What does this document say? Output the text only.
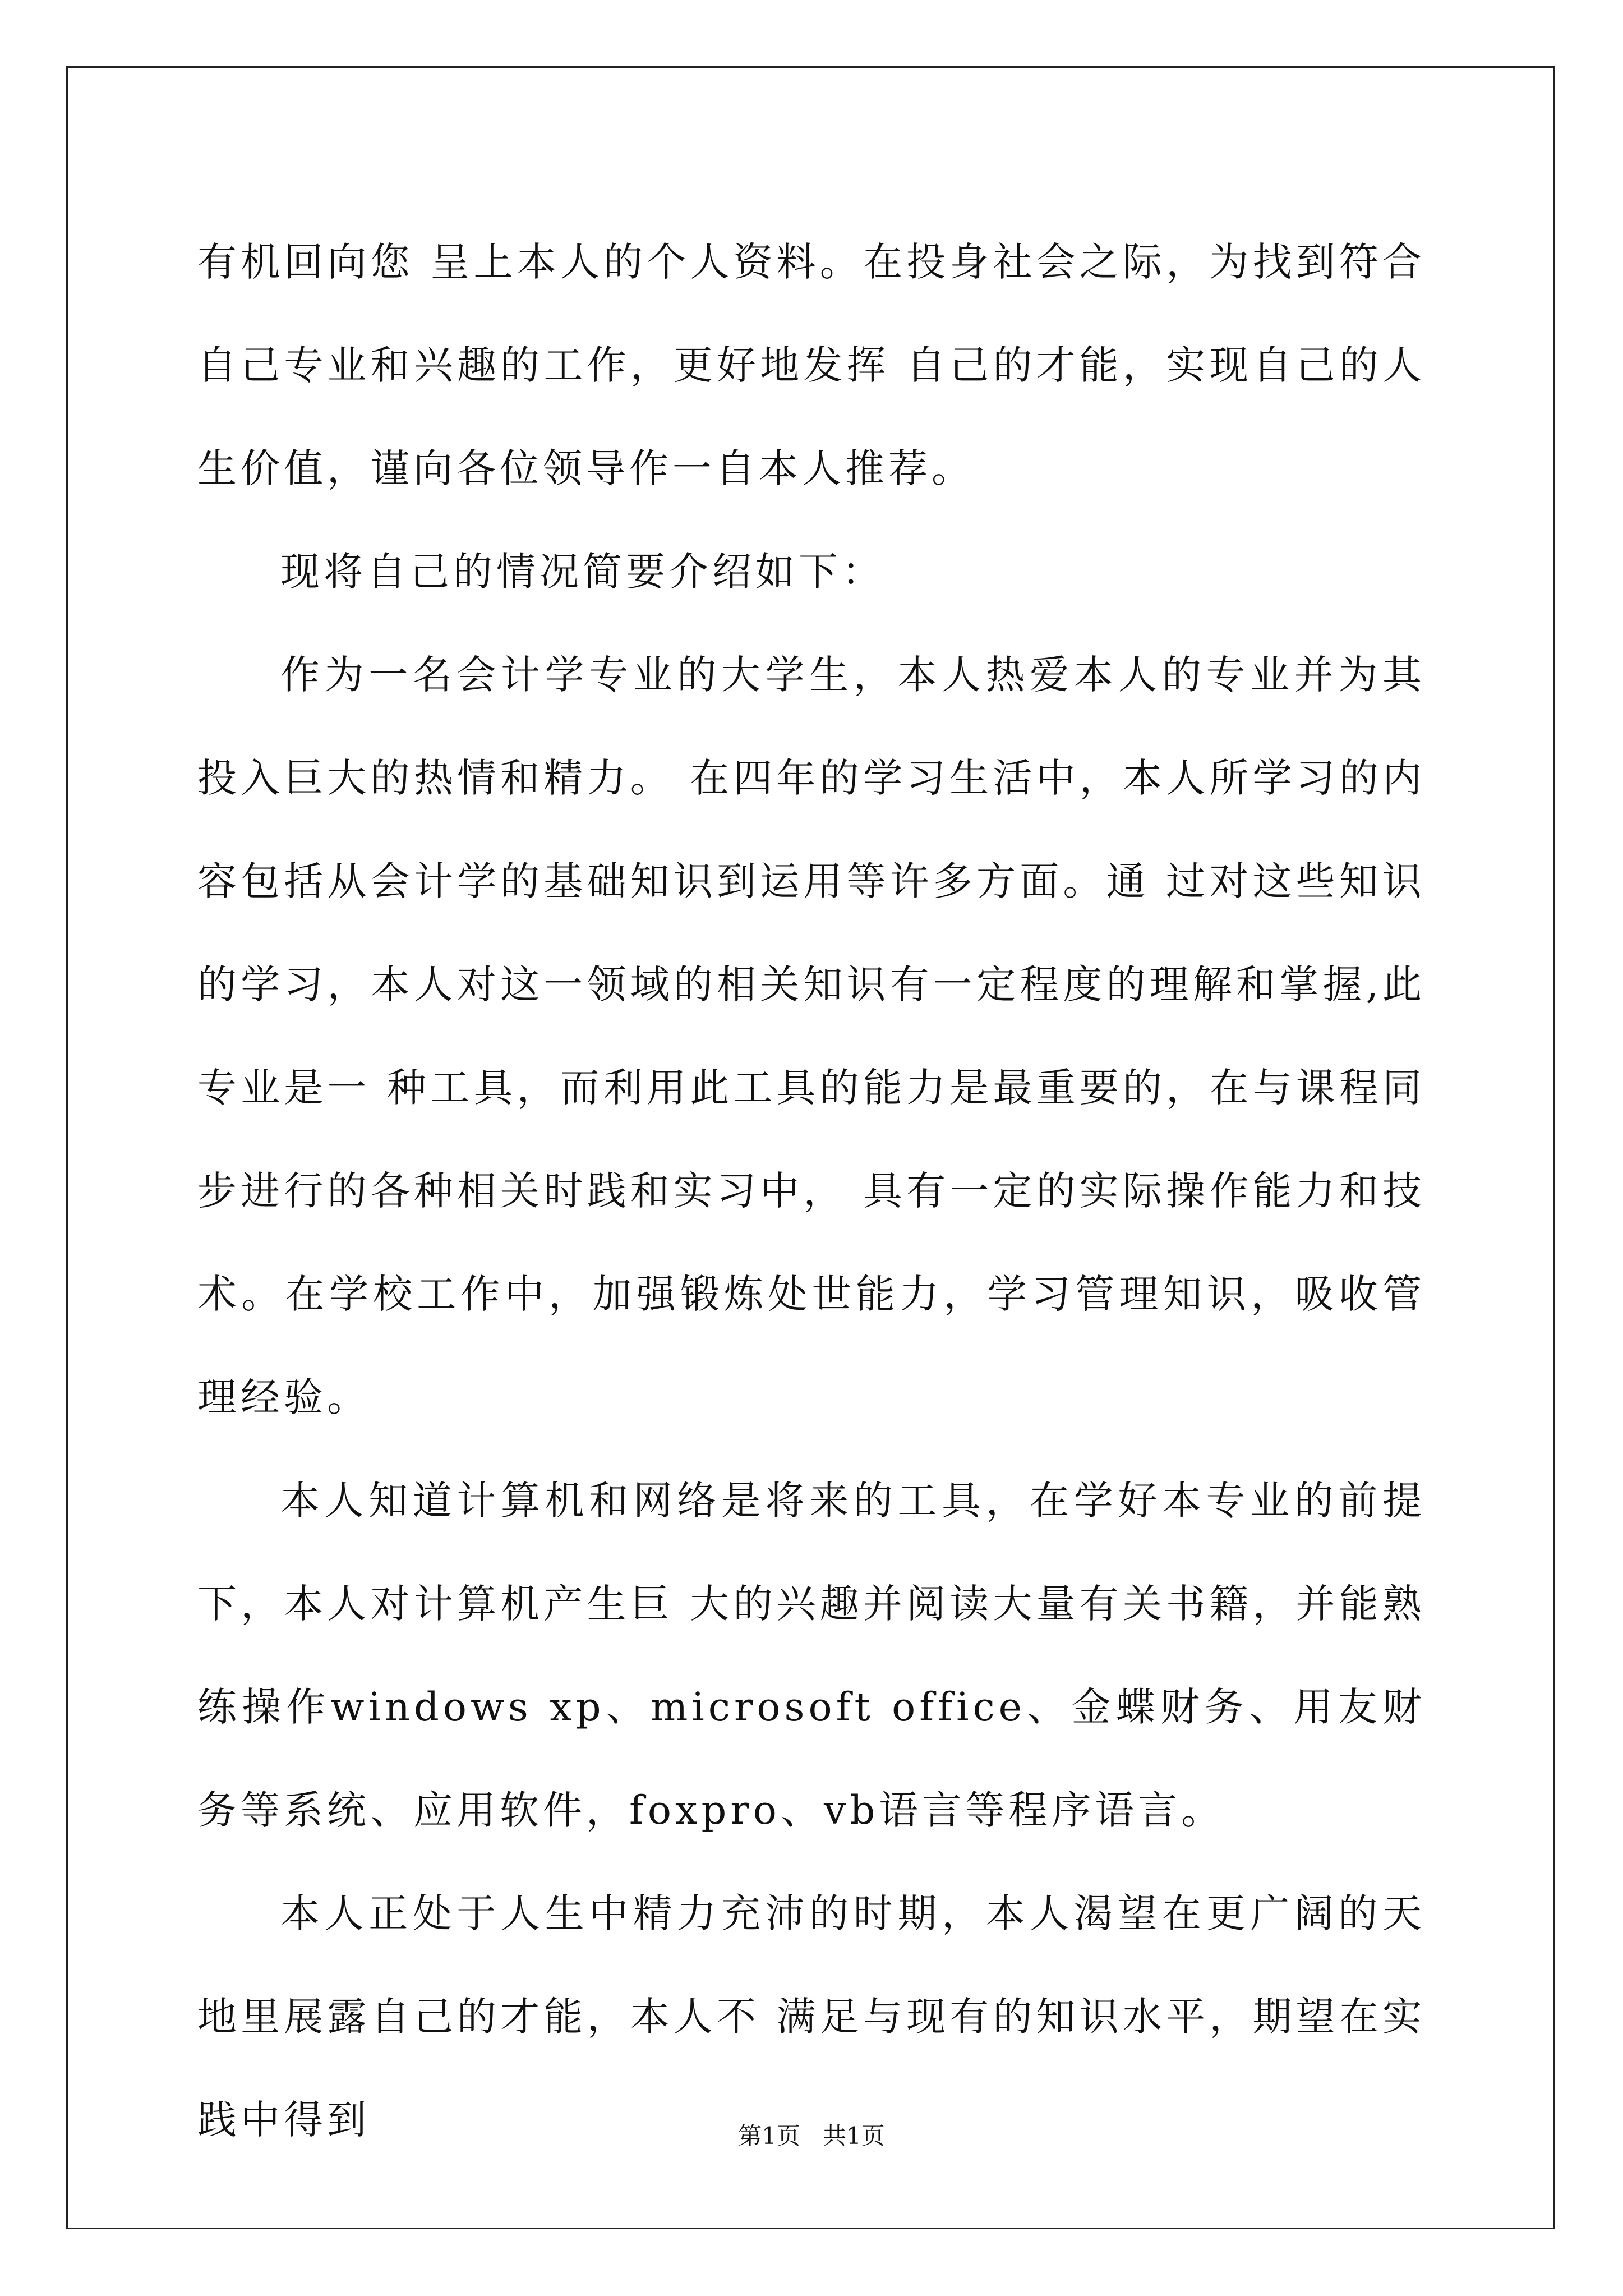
有机回向您 呈上本人的个人资料。在投身社会之际，为找到符合自己专业和兴趣的工作，更好地发挥 自己的才能，实现自己的人生价值，谨向各位领导作一自本人推荐。

现将自己的情况简要介绍如下：

作为一名会计学专业的大学生，本人热爱本人的专业并为其投入巨大的热情和精力。 在四年的学习生活中，本人所学习的内容包括从会计学的基础知识到运用等许多方面。通 过对这些知识的学习，本人对这一领域的相关知识有一定程度的理解和掌握,此专业是一 种工具，而利用此工具的能力是最重要的，在与课程同步进行的各种相关时践和实习中， 具有一定的实际操作能力和技术。在学校工作中，加强锻炼处世能力，学习管理知识，吸收管理经验。

本人知道计算机和网络是将来的工具，在学好本专业的前提下，本人对计算机产生巨 大的兴趣并阅读大量有关书籍，并能熟练操作windows xp、microsoft office、金蝶财务、用友财务等系统、应用软件，foxpro、vb语言等程序语言。

本人正处于人生中精力充沛的时期，本人渴望在更广阔的天地里展露自己的才能，本人不 满足与现有的知识水平，期望在实践中得到	第1页   共1页
